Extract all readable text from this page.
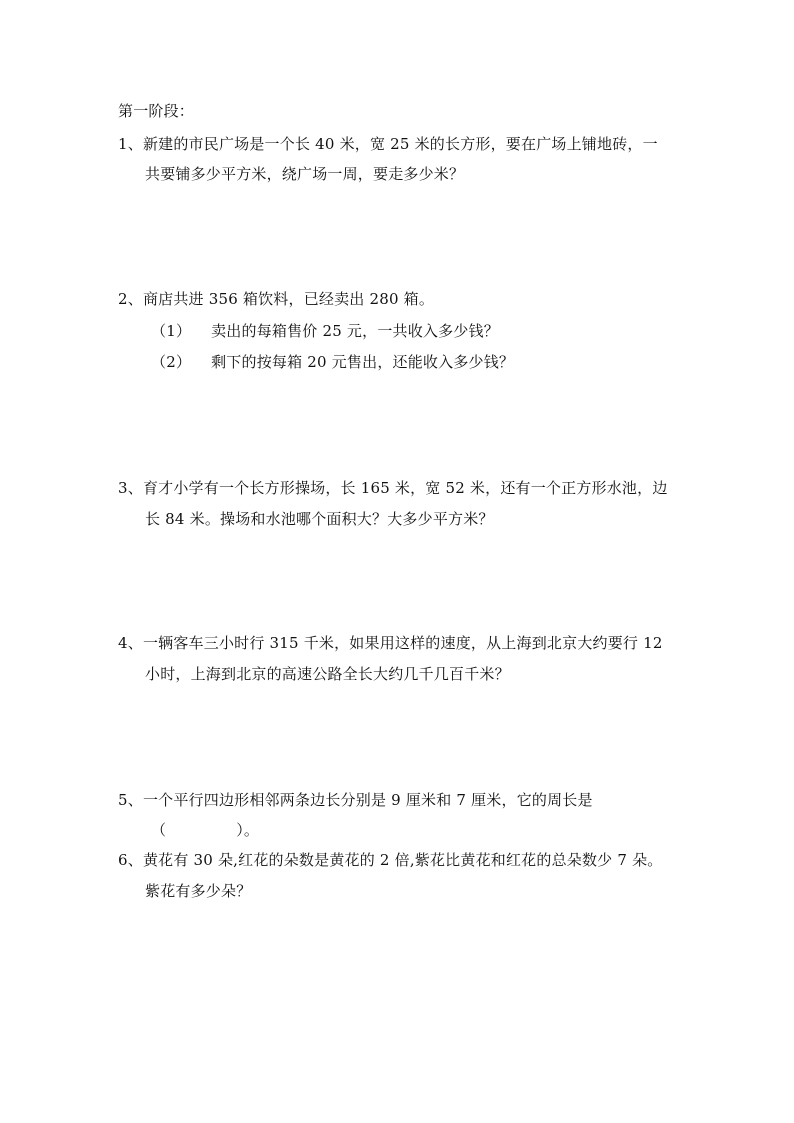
第一阶段：
1、新建的市民广场是一个长 40 米，宽 25 米的长方形，要在广场上铺地砖，一
共要铺多少平方米，绕广场一周，要走多少米？
2、商店共进 356 箱饮料，已经卖出 280 箱。
（1） 卖出的每箱售价 25 元，一共收入多少钱？
（2） 剩下的按每箱 20 元售出，还能收入多少钱？
3、育才小学有一个长方形操场，长 165 米，宽 52 米，还有一个正方形水池，边
长 84 米。操场和水池哪个面积大？大多少平方米？
4、一辆客车三小时行 315 千米，如果用这样的速度，从上海到北京大约要行 12
小时，上海到北京的高速公路全长大约几千几百千米？
5、一个平行四边形相邻两条边长分别是 9 厘米和 7 厘米，它的周长是
（	）。
6、黄花有 30 朵,红花的朵数是黄花的 2 倍,紫花比黄花和红花的总朵数少 7 朵。
紫花有多少朵？
